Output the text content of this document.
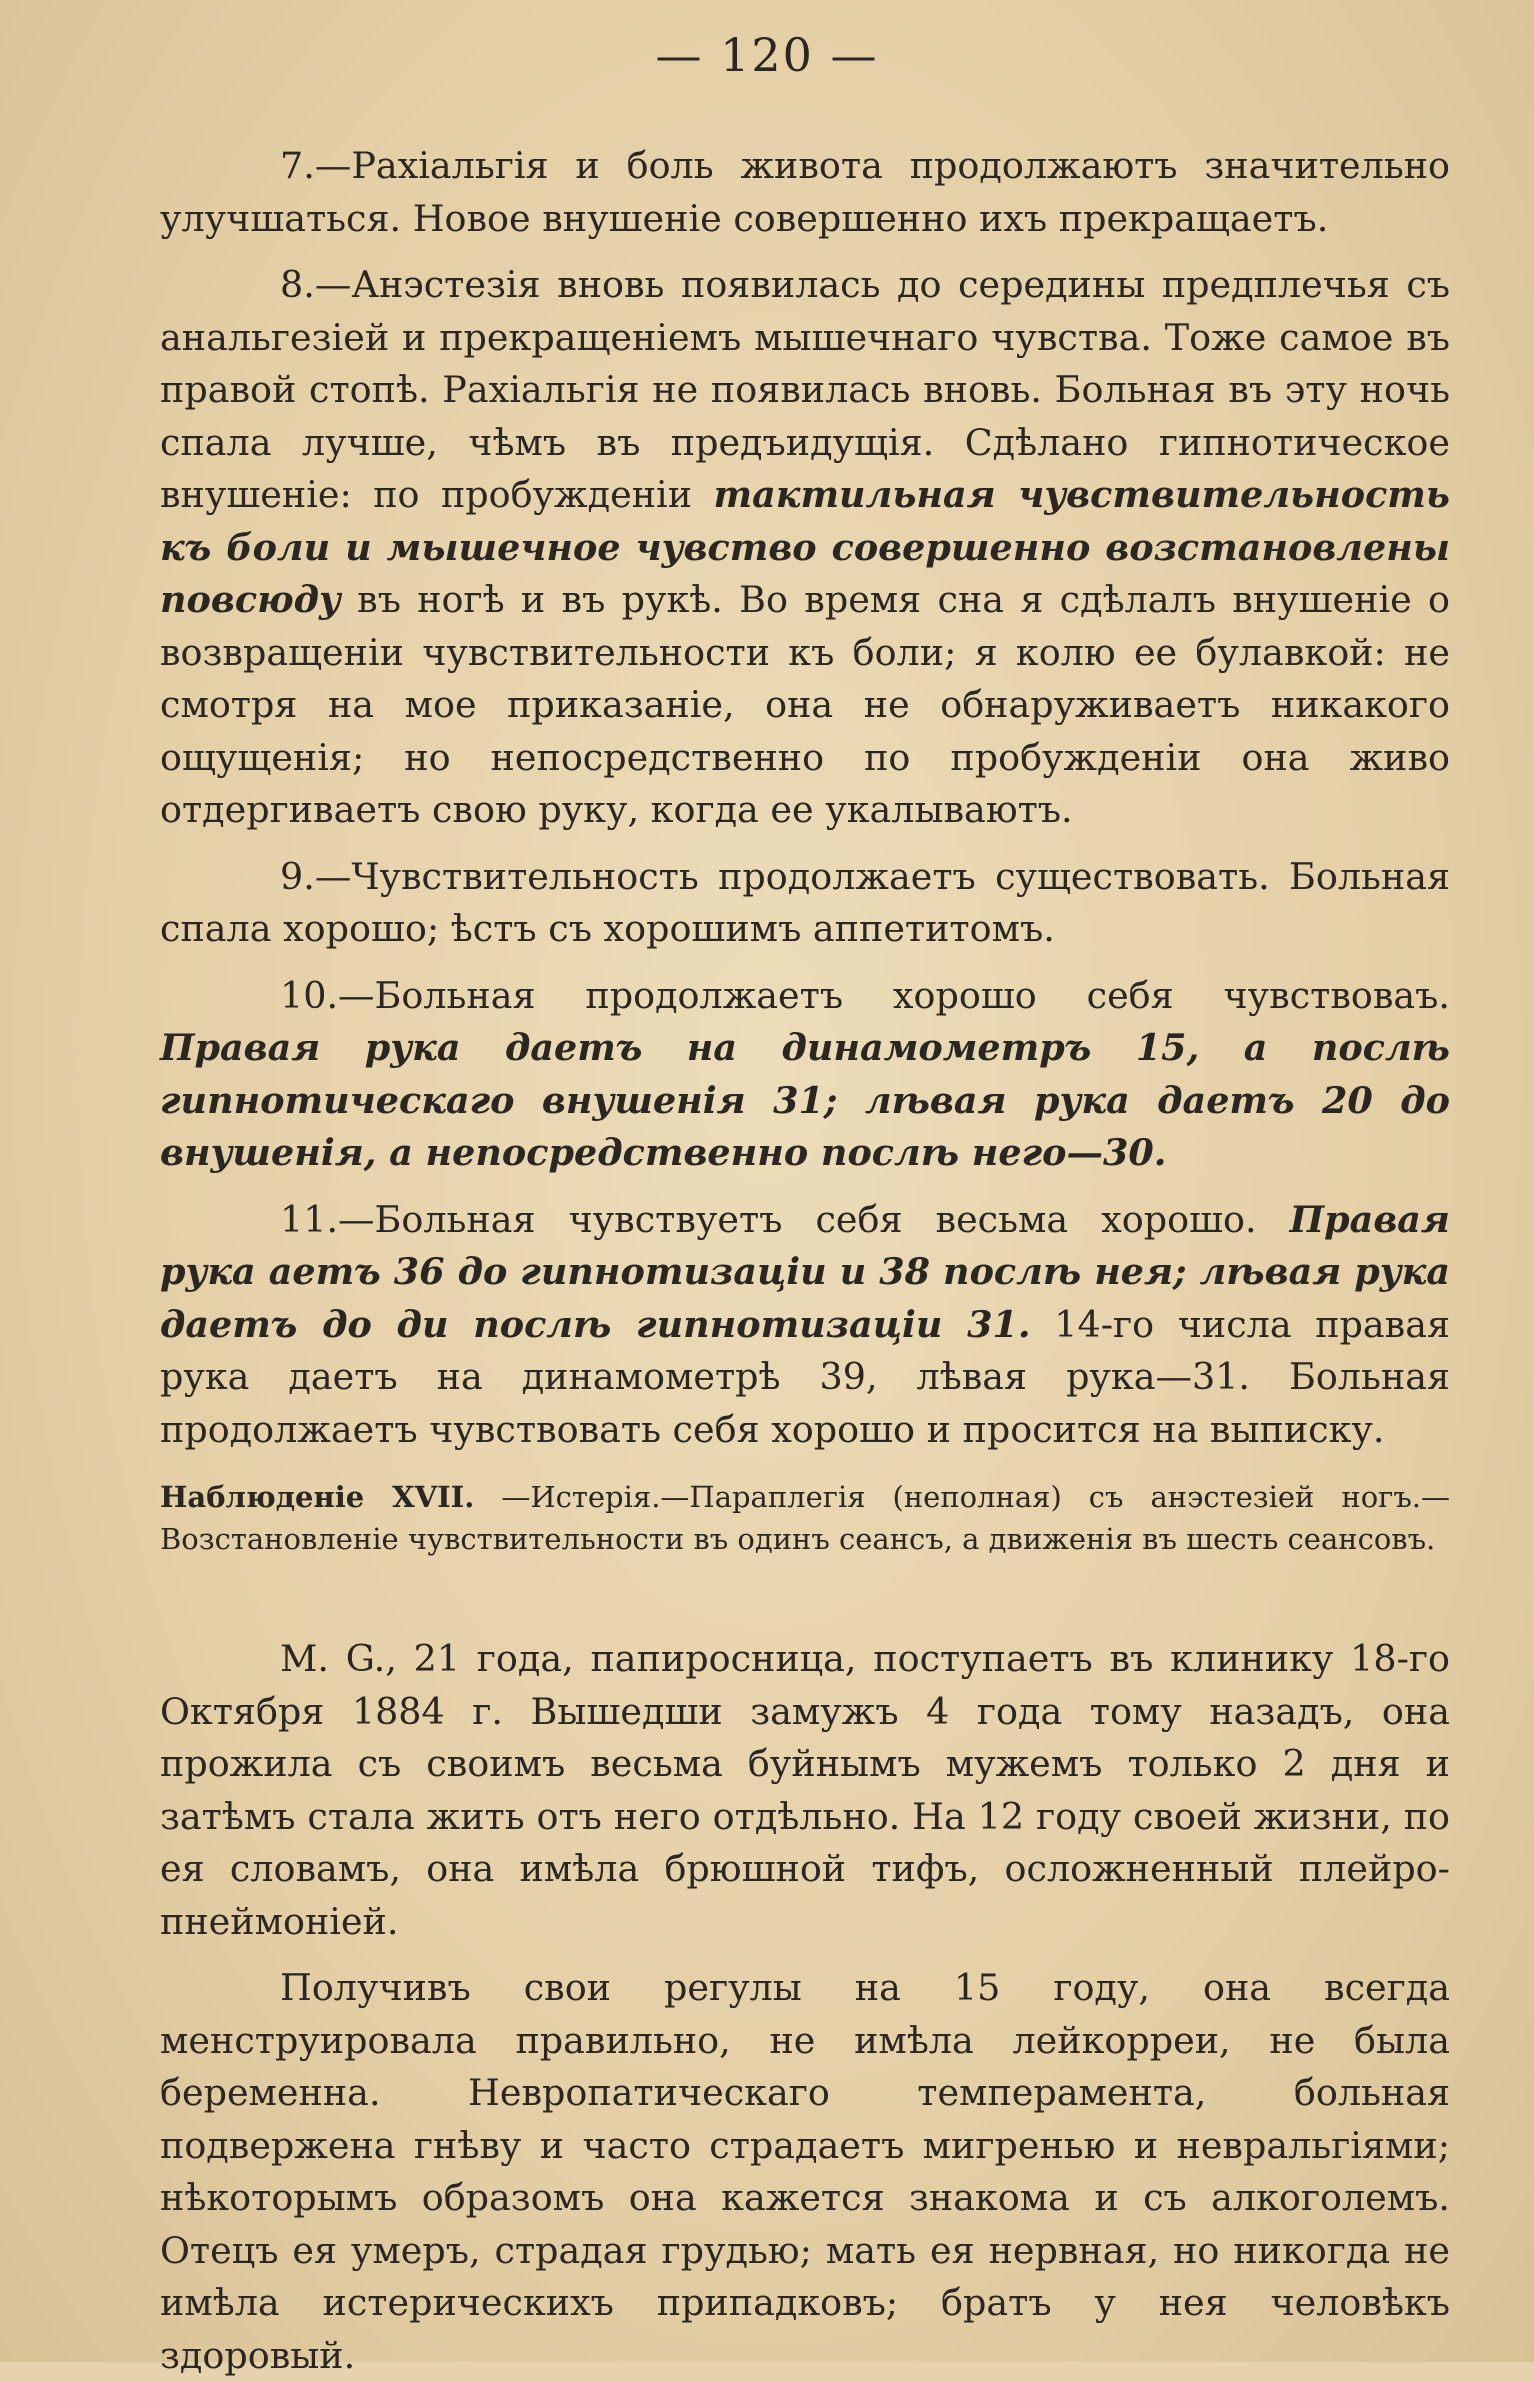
— 120 —

7.—Рахіальгія и боль живота продолжаютъ значительно улучшаться. Новое внушеніе совершенно ихъ прекращаетъ.

8.—Анэстезія вновь появилась до середины предплечья съ анальгезіей и прекращеніемъ мышечнаго чувства. Тоже самое въ правой стопѣ. Рахіальгія не появилась вновь. Больная въ эту ночь спала лучше, чѣмъ въ предъидущія. Сдѣлано гипнотическое внушеніе: по пробужденіи тактильная чувствительность къ боли и мышечное чувство совершенно возстановлены повсюду въ ногѣ и въ рукѣ. Во время сна я сдѣлалъ внушеніе о возвращеніи чувствительности къ боли; я колю ее булавкой: не смотря на мое приказаніе, она не обнаруживаетъ никакого ощущенія; но непосредственно по пробужденіи она живо отдергиваетъ свою руку, когда ее укалываютъ.

9.—Чувствительность продолжаетъ существовать. Больная спала хорошо; ѣстъ съ хорошимъ аппетитомъ.

10.—Больная продолжаетъ хорошо себя чувствоваъ. Правая рука даетъ на динамометръ 15, а послѣ гипнотическаго внушенія 31; лѣвая рука даетъ 20 до внушенія, а непосредственно послѣ него—30.

11.—Больная чувствуетъ себя весьма хорошо. Правая рука аетъ 36 до гипнотизаціи и 38 послѣ нея; лѣвая рука даетъ до ди послѣ гипнотизаціи 31. 14-го числа правая рука даетъ на динамометрѣ 39, лѣвая рука—31. Больная продолжаетъ чувствовать себя хорошо и просится на выписку.

Наблюденіе XVII. —Истерія.—Параплегія (неполная) съ анэстезіей ногъ.—Возстановленіе чувствительности въ одинъ сеансъ, а движенія въ шесть сеансовъ.

M. G., 21 года, папиросница, поступаетъ въ клинику 18-го Октября 1884 г. Вышедши замужъ 4 года тому назадъ, она прожила съ своимъ весьма буйнымъ мужемъ только 2 дня и затѣмъ стала жить отъ него отдѣльно. На 12 году своей жизни, по ея словамъ, она имѣла брюшной тифъ, осложненный плейро-пнеймоніей.

Получивъ свои регулы на 15 году, она всегда менструировала правильно, не имѣла лейкорреи, не была беременна. Невропатическаго темперамента, больная подвержена гнѣву и часто страдаетъ мигренью и невральгіями; нѣкоторымъ образомъ она кажется знакома и съ алкоголемъ. Отецъ ея умеръ, страдая грудью; мать ея нервная, но никогда не имѣла истерическихъ припадковъ; братъ у нея человѣкъ здоровый.
